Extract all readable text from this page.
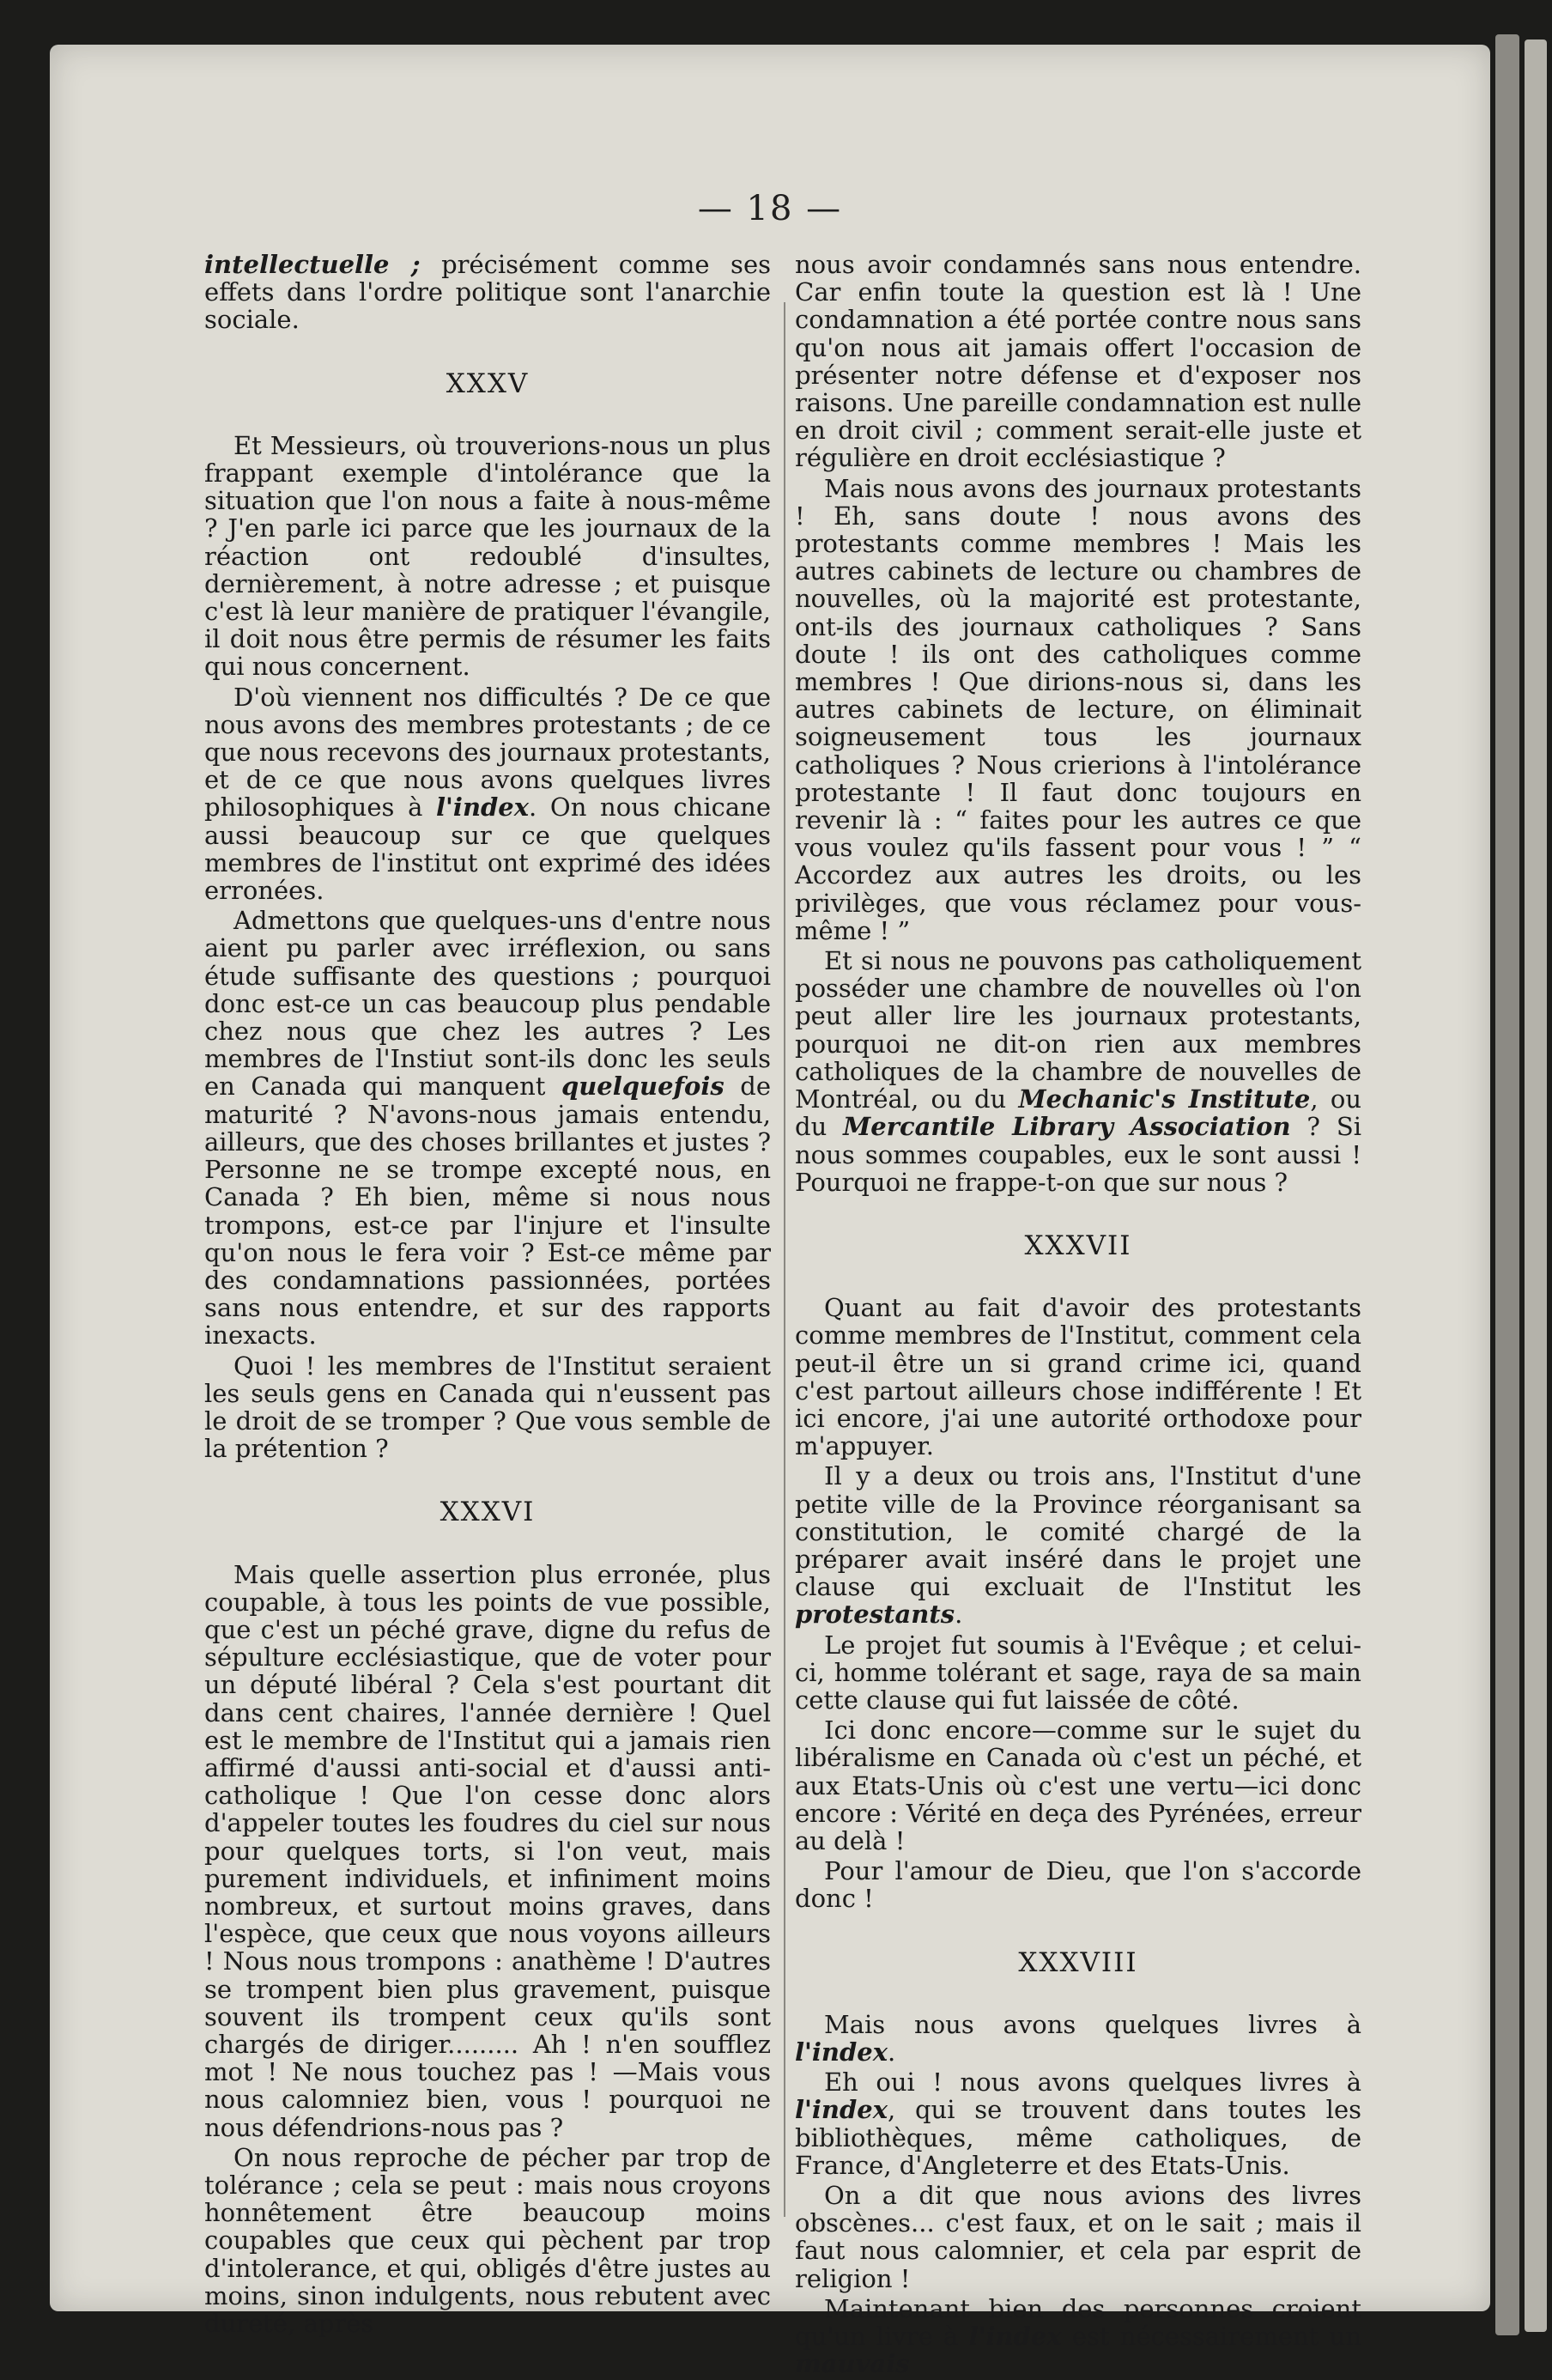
— 18 —

intellectuelle ; précisément comme ses effets dans l'ordre politique sont l'anarchie sociale.

XXXV

Et Messieurs, où trouverions-nous un plus frappant exemple d'intolérance que la situation que l'on nous a faite à nous-même ? J'en parle ici parce que les journaux de la réaction ont redoublé d'insultes, dernièrement, à notre adresse ; et puisque c'est là leur manière de pratiquer l'évangile, il doit nous être permis de résumer les faits qui nous concernent.

D'où viennent nos difficultés ? De ce que nous avons des membres protestants ; de ce que nous recevons des journaux protestants, et de ce que nous avons quelques livres philosophiques à l'index. On nous chicane aussi beaucoup sur ce que quelques membres de l'institut ont exprimé des idées erronées.

Admettons que quelques-uns d'entre nous aient pu parler avec irréflexion, ou sans étude suffisante des questions ; pourquoi donc est-ce un cas beaucoup plus pendable chez nous que chez les autres ? Les membres de l'Instiut sont-ils donc les seuls en Canada qui manquent quelquefois de maturité ? N'avons-nous jamais entendu, ailleurs, que des choses brillantes et justes ? Personne ne se trompe excepté nous, en Canada ? Eh bien, même si nous nous trompons, est-ce par l'injure et l'insulte qu'on nous le fera voir ? Est-ce même par des condamnations passionnées, portées sans nous entendre, et sur des rapports inexacts.

Quoi ! les membres de l'Institut seraient les seuls gens en Canada qui n'eussent pas le droit de se tromper ? Que vous semble de la prétention ?

XXXVI

Mais quelle assertion plus erronée, plus coupable, à tous les points de vue possible, que c'est un péché grave, digne du refus de sépulture ecclésiastique, que de voter pour un député libéral ? Cela s'est pourtant dit dans cent chaires, l'année dernière ! Quel est le membre de l'Institut qui a jamais rien affirmé d'aussi anti-social et d'aussi anti-catholique ! Que l'on cesse donc alors d'appeler toutes les foudres du ciel sur nous pour quelques torts, si l'on veut, mais purement individuels, et infiniment moins nombreux, et surtout moins graves, dans l'espèce, que ceux que nous voyons ailleurs ! Nous nous trompons : anathème ! D'autres se trompent bien plus gravement, puisque souvent ils trompent ceux qu'ils sont chargés de diriger......... Ah ! n'en soufflez mot ! Ne nous touchez pas ! —Mais vous nous calomniez bien, vous ! pourquoi ne nous défendrions-nous pas ?

On nous reproche de pécher par trop de tolérance ; cela se peut : mais nous croyons honnêtement être beaucoup moins coupables que ceux qui pèchent par trop d'intolerance, et qui, obligés d'être justes au moins, sinon indulgents, nous rebutent avec dureté, après

nous avoir condamnés sans nous entendre. Car enfin toute la question est là ! Une condamnation a été portée contre nous sans qu'on nous ait jamais offert l'occasion de présenter notre défense et d'exposer nos raisons. Une pareille condamnation est nulle en droit civil ; comment serait-elle juste et régulière en droit ecclésiastique ?

Mais nous avons des journaux protestants ! Eh, sans doute ! nous avons des protestants comme membres ! Mais les autres cabinets de lecture ou chambres de nouvelles, où la majorité est protestante, ont-ils des journaux catholiques ? Sans doute ! ils ont des catholiques comme membres ! Que dirions-nous si, dans les autres cabinets de lecture, on éliminait soigneusement tous les journaux catholiques ? Nous crierions à l'intolérance protestante ! Il faut donc toujours en revenir là : “ faites pour les autres ce que vous voulez qu'ils fassent pour vous ! ” “ Accordez aux autres les droits, ou les privilèges, que vous réclamez pour vous-même ! ”

Et si nous ne pouvons pas catholiquement posséder une chambre de nouvelles où l'on peut aller lire les journaux protestants, pourquoi ne dit-on rien aux membres catholiques de la chambre de nouvelles de Montréal, ou du Mechanic's Institute, ou du Mercantile Library Association ? Si nous sommes coupables, eux le sont aussi ! Pourquoi ne frappe-t-on que sur nous ?

XXXVII

Quant au fait d'avoir des protestants comme membres de l'Institut, comment cela peut-il être un si grand crime ici, quand c'est partout ailleurs chose indifférente ! Et ici encore, j'ai une autorité orthodoxe pour m'appuyer.

Il y a deux ou trois ans, l'Institut d'une petite ville de la Province réorganisant sa constitution, le comité chargé de la préparer avait inséré dans le projet une clause qui excluait de l'Institut les protestants.

Le projet fut soumis à l'Evêque ; et celui-ci, homme tolérant et sage, raya de sa main cette clause qui fut laissée de côté.

Ici donc encore—comme sur le sujet du libéralisme en Canada où c'est un péché, et aux Etats-Unis où c'est une vertu—ici donc encore : Vérité en deça des Pyrénées, erreur au delà !

Pour l'amour de Dieu, que l'on s'accorde donc !

XXXVIII

Mais nous avons quelques livres à l'index.

Eh oui ! nous avons quelques livres à l'index, qui se trouvent dans toutes les bibliothèques, même catholiques, de France, d'Angleterre et des Etats-Unis.

On a dit que nous avions des livres obscènes... c'est faux, et on le sait ; mais il faut nous calomnier, et cela par esprit de religion !

Maintenant bien des personnes croient qu'un livre à l'index est nécessairement un mauvais
